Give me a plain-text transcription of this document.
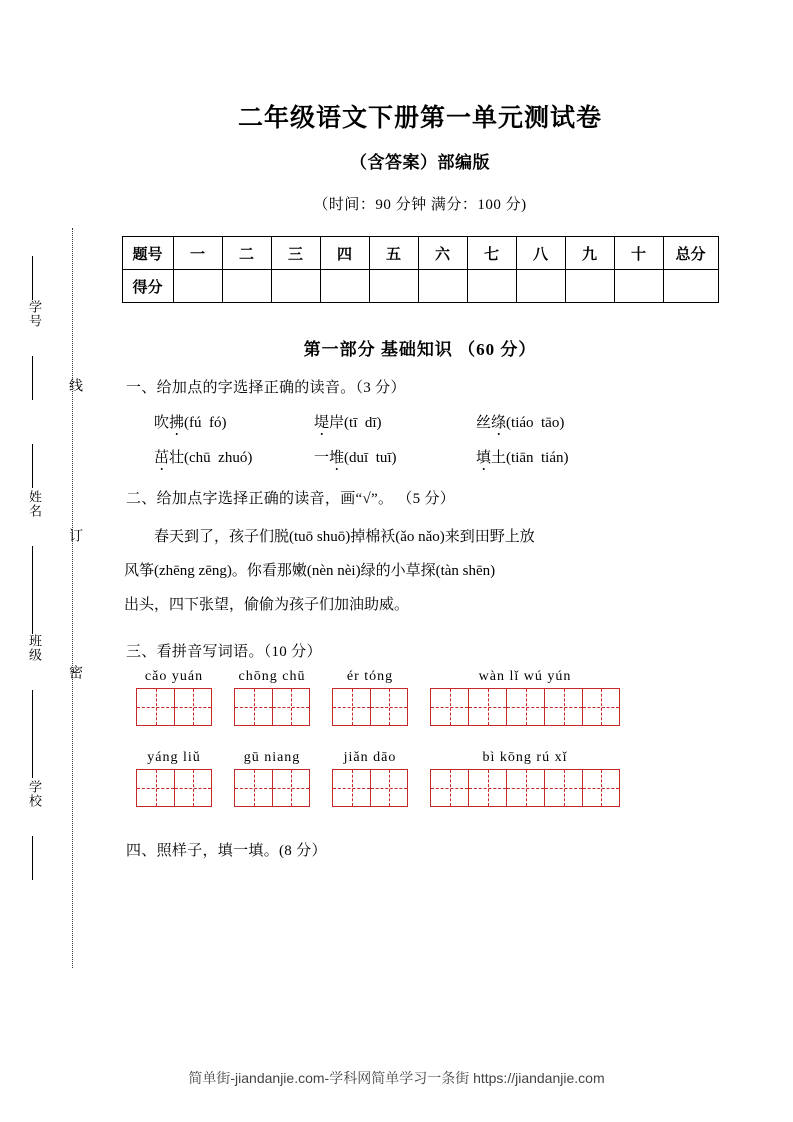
学号
姓名
班级
学校
线
订
密
二年级语文下册第一单元测试卷
（含答案）部编版
（时间：90 分钟 满分：100 分)
题号	一	二	三	四	五	六	七	八	九	十	总分
得分											
第一部分 基础知识 （60 分）
一、给加点的字选择正确的读音。（3 分）
吹拂(fú  fó)	堤岸(tī  dī)	丝绦(tiáo  tāo)
茁壮(chū  zhuó)	一堆(duī  tuī)	填土(tiān  tián)
二、给加点字选择正确的读音，画“√”。 （5 分）
春天到了，孩子们脱(tuō shuō)掉棉袄(ǎo nǎo)来到田野上放
风筝(zhēng zēng)。你看那嫩(nèn nèi)绿的小草探(tàn shēn)
出头，四下张望，偷偷为孩子们加油助威。
三、看拼音写词语。（10 分）
cǎo yuán	chōng chū	ér tóng	wàn lǐ wú yún
yáng liǔ	gū niang	jiǎn dāo	bì kōng rú xǐ
四、照样子，填一填。(8 分）
简单街-jiandanjie.com-学科网简单学习一条街 https://jiandanjie.com
